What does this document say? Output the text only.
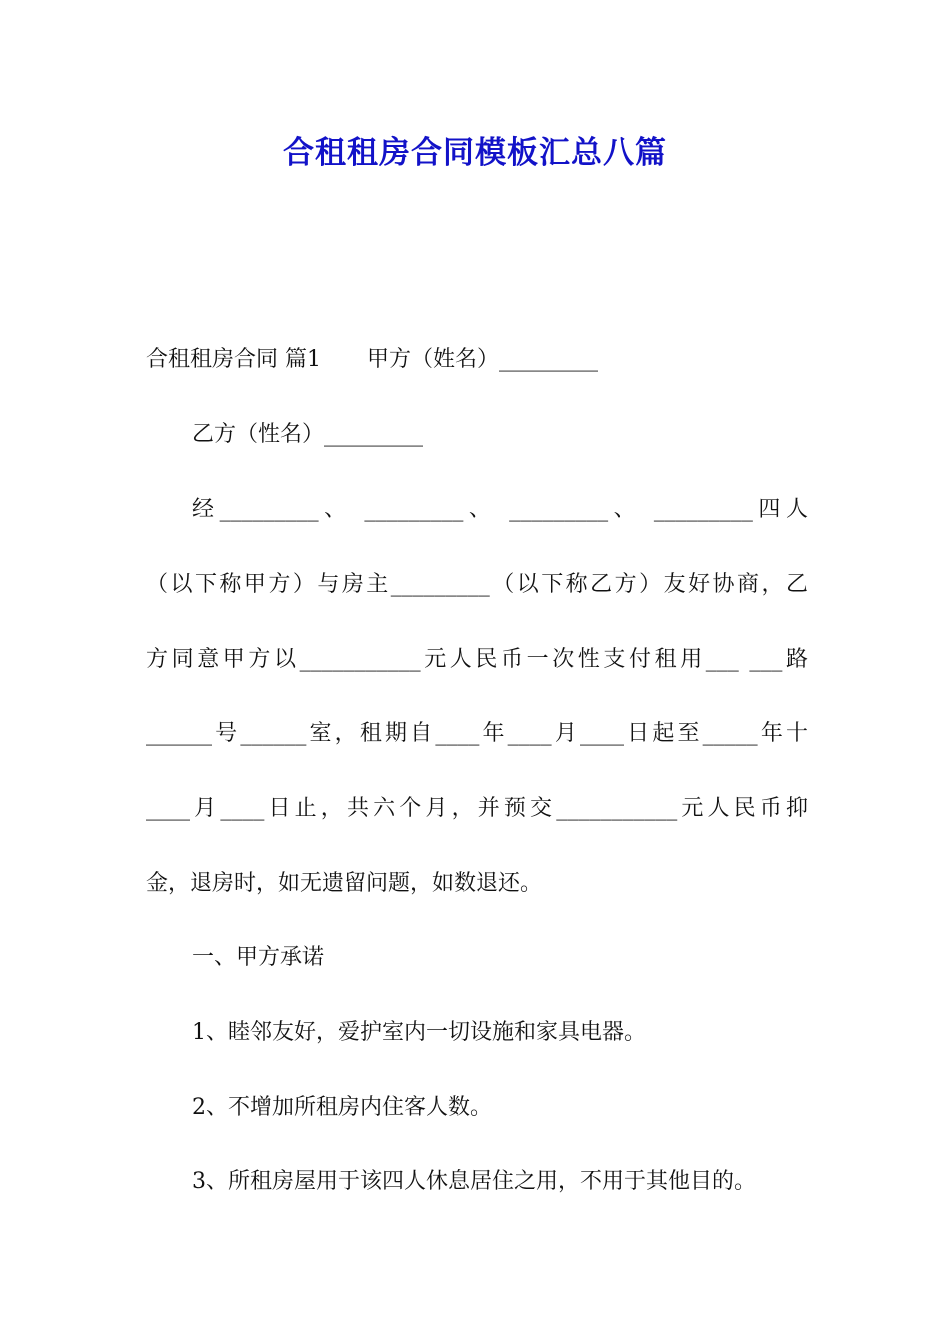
合租租房合同模板汇总八篇
合租租房合同 篇1 甲方（姓名）_________
乙方（性名）_________
经_________、 _________、 _________、 _________四人
（以下称甲方）与房主_________（以下称乙方）友好协商，乙
方同意甲方以___________元人民币一次性支付租用___ ___路
______号______室，租期自____年____月____日起至_____年十
____月____日止，共六个月，并预交___________元人民币抑
金，退房时，如无遗留问题，如数退还。
一、甲方承诺
1、睦邻友好，爱护室内一切设施和家具电器。
2、不增加所租房内住客人数。
3、所租房屋用于该四人休息居住之用，不用于其他目的。
